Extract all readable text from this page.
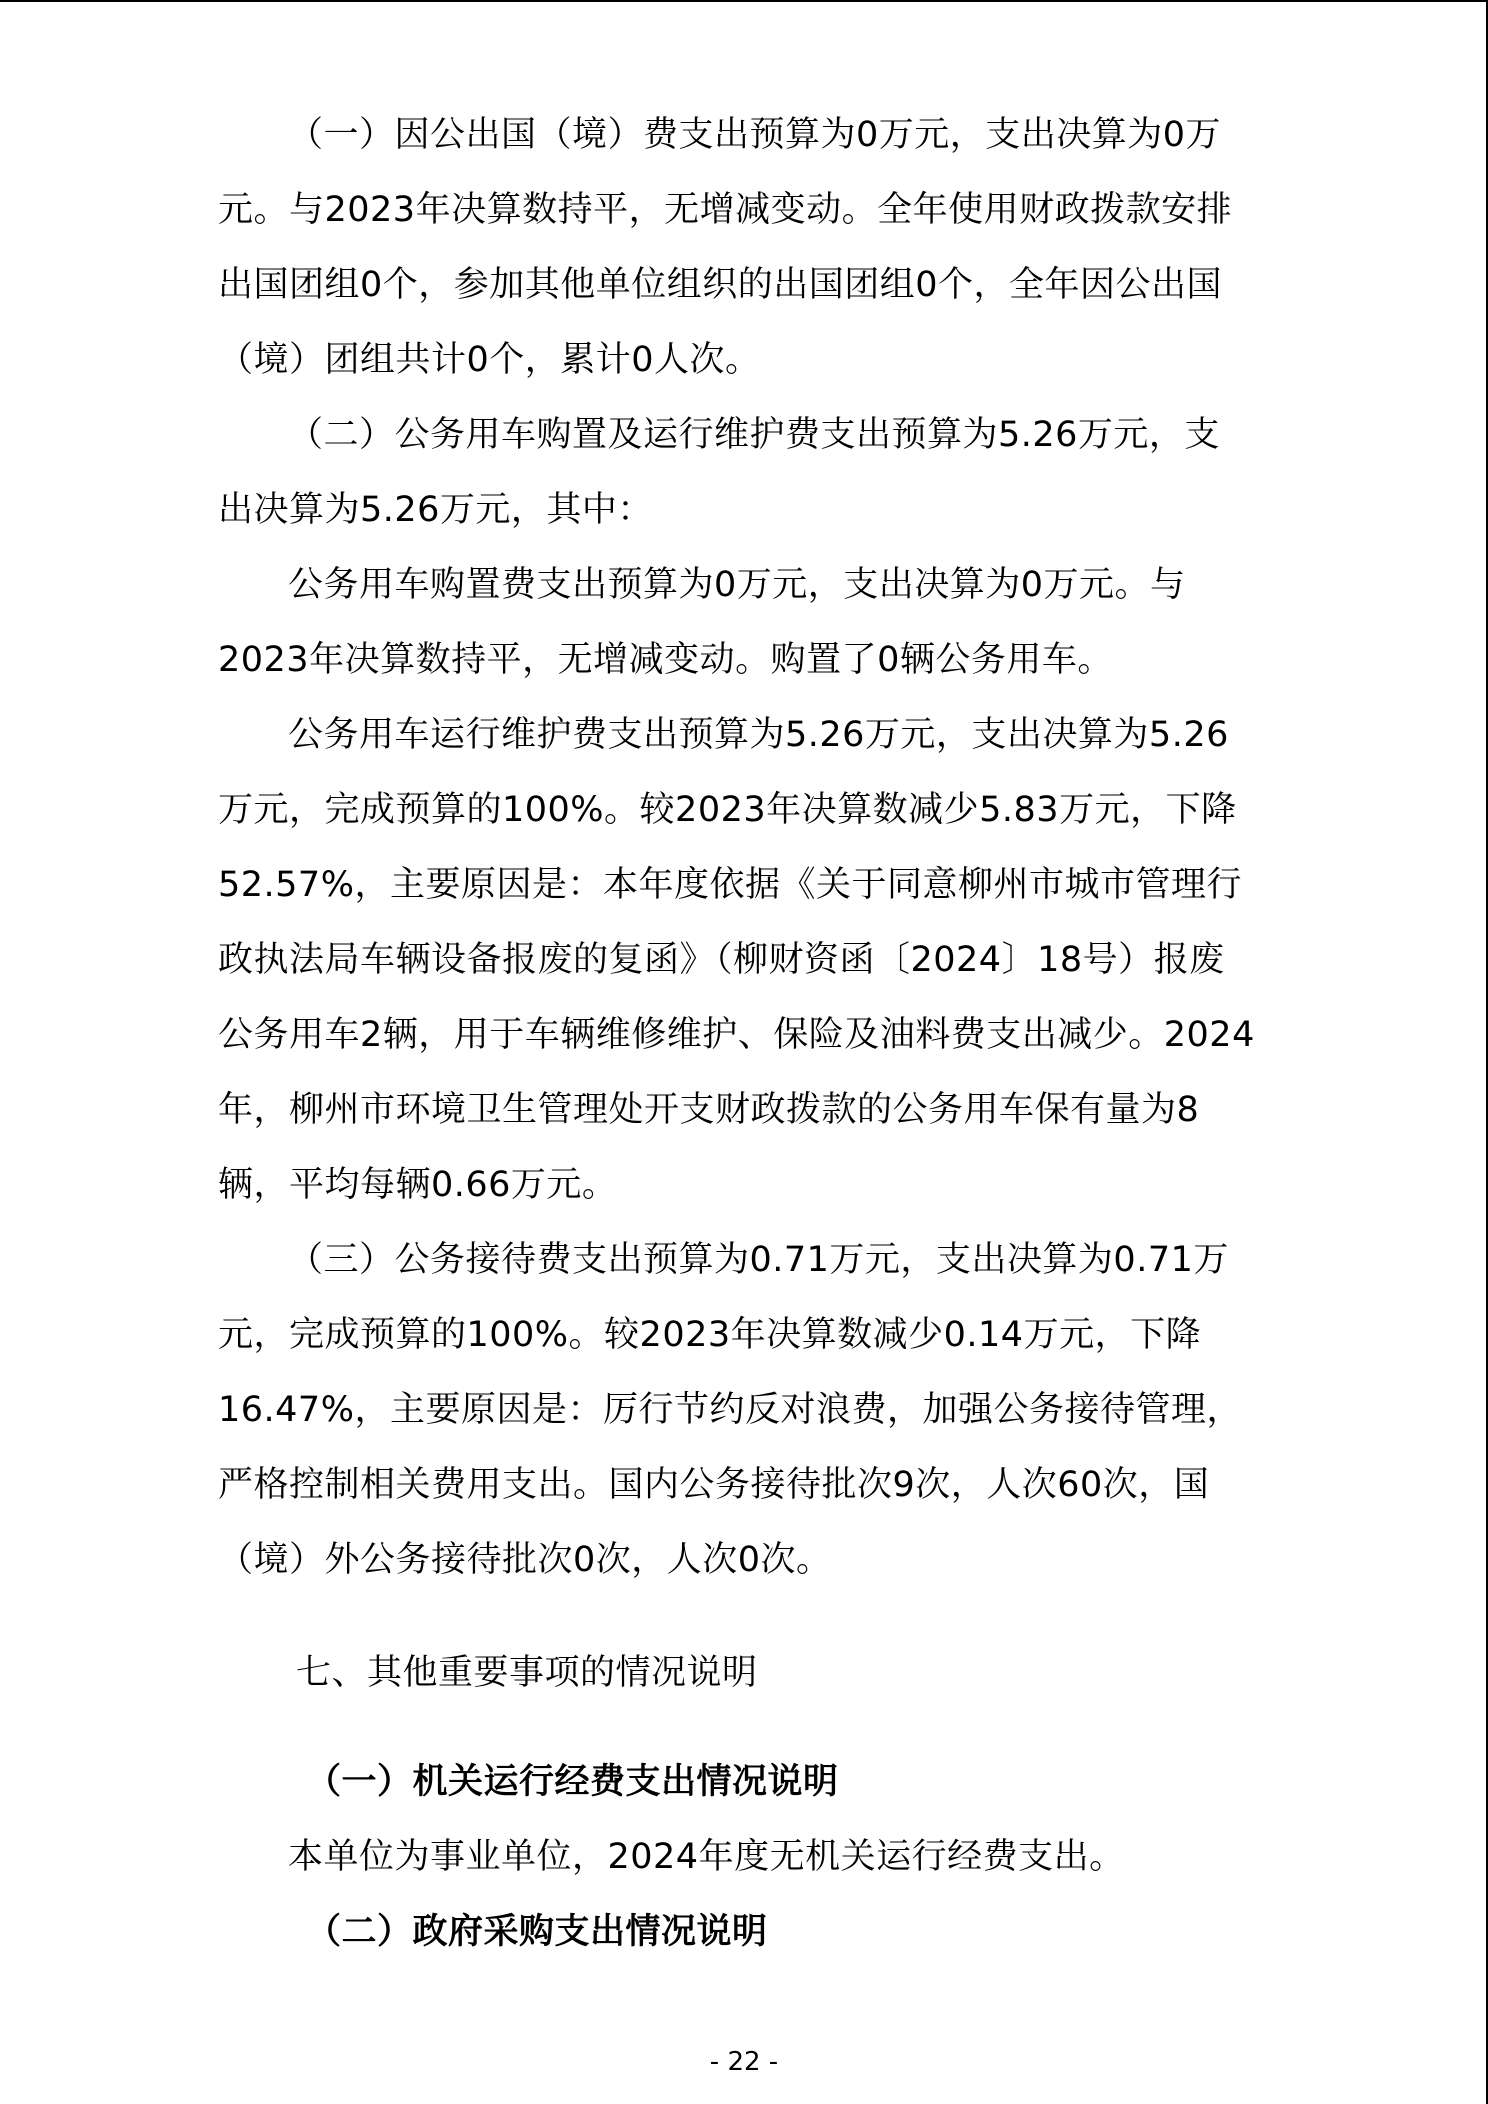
（一）因公出国（境）费支出预算为0万元，支出决算为0万

元。与2023年决算数持平，无增减变动。全年使用财政拨款安排

出国团组0个，参加其他单位组织的出国团组0个，全年因公出国

（境）团组共计0个，累计0人次。

（二）公务用车购置及运行维护费支出预算为5.26万元，支

出决算为5.26万元，其中：

公务用车购置费支出预算为0万元，支出决算为0万元。与

2023年决算数持平，无增减变动。购置了0辆公务用车。

公务用车运行维护费支出预算为5.26万元，支出决算为5.26

万元，完成预算的100%。较2023年决算数减少5.83万元，下降

52.57%，主要原因是：本年度依据《关于同意柳州市城市管理行

政执法局车辆设备报废的复函》（柳财资函〔2024〕18号）报废

公务用车2辆，用于车辆维修维护、保险及油料费支出减少。2024

年，柳州市环境卫生管理处开支财政拨款的公务用车保有量为8

辆，平均每辆0.66万元。

（三）公务接待费支出预算为0.71万元，支出决算为0.71万

元，完成预算的100%。较2023年决算数减少0.14万元，下降

16.47%，主要原因是：厉行节约反对浪费，加强公务接待管理，

严格控制相关费用支出。国内公务接待批次9次，人次60次，国

（境）外公务接待批次0次，人次0次。

七、其他重要事项的情况说明

（一）机关运行经费支出情况说明

本单位为事业单位，2024年度无机关运行经费支出。

（二）政府采购支出情况说明

- 22 -
